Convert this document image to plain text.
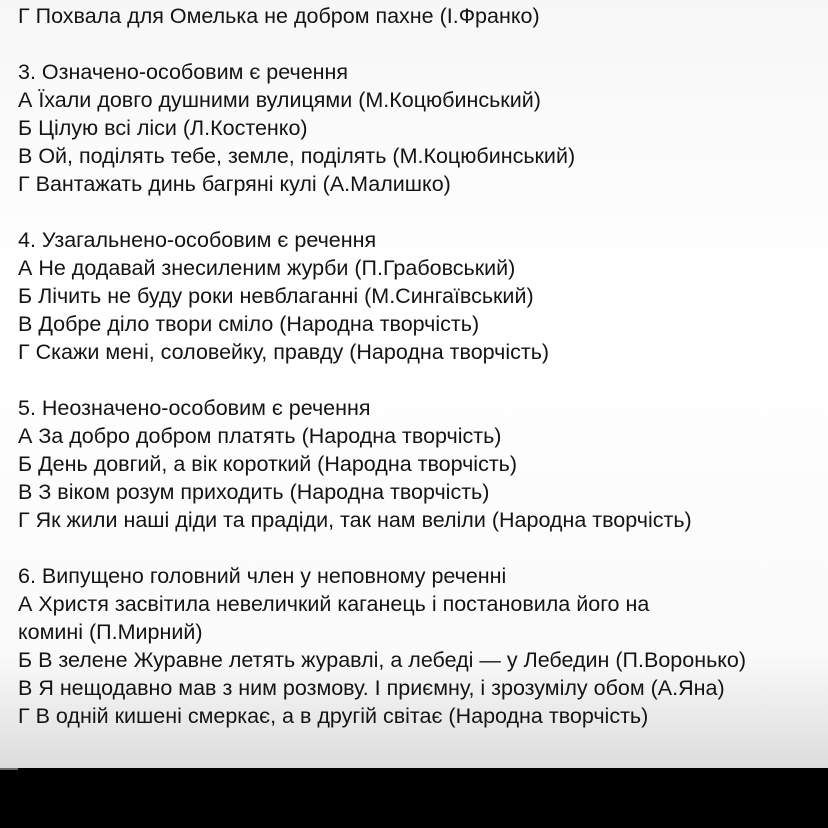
Г Похвала для Омелька не добром пахне (І.Франко)
3. Означено-особовим є речення
А Їхали довго душними вулицями (М.Коцюбинський)
Б Цілую всі ліси (Л.Костенко)
В Ой, поділять тебе, земле, поділять (М.Коцюбинський)
Г Вантажать динь багряні кулі (А.Малишко)
4. Узагальнено-особовим є речення
А Не додавай знесиленим журби (П.Грабовський)
Б Лічить не буду роки невблаганні (М.Сингаївський)
В Добре діло твори сміло (Народна творчість)
Г Скажи мені, соловейку, правду (Народна творчість)
5. Неозначено-особовим є речення
А За добро добром платять (Народна творчість)
Б День довгий, а вік короткий (Народна творчість)
В З віком розум приходить (Народна творчість)
Г Як жили наші діди та прадіди, так нам веліли (Народна творчість)
6. Випущено головний член у неповному реченні
А Христя засвітила невеличкий каганець і постановила його на
комині (П.Мирний)
Б В зелене Журавне летять журавлі, а лебеді — у Лебедин (П.Воронько)
В Я нещодавно мав з ним розмову. І приємну, і зрозумілу обом (А.Яна)
Г В одній кишені смеркає, а в другій світає (Народна творчість)
